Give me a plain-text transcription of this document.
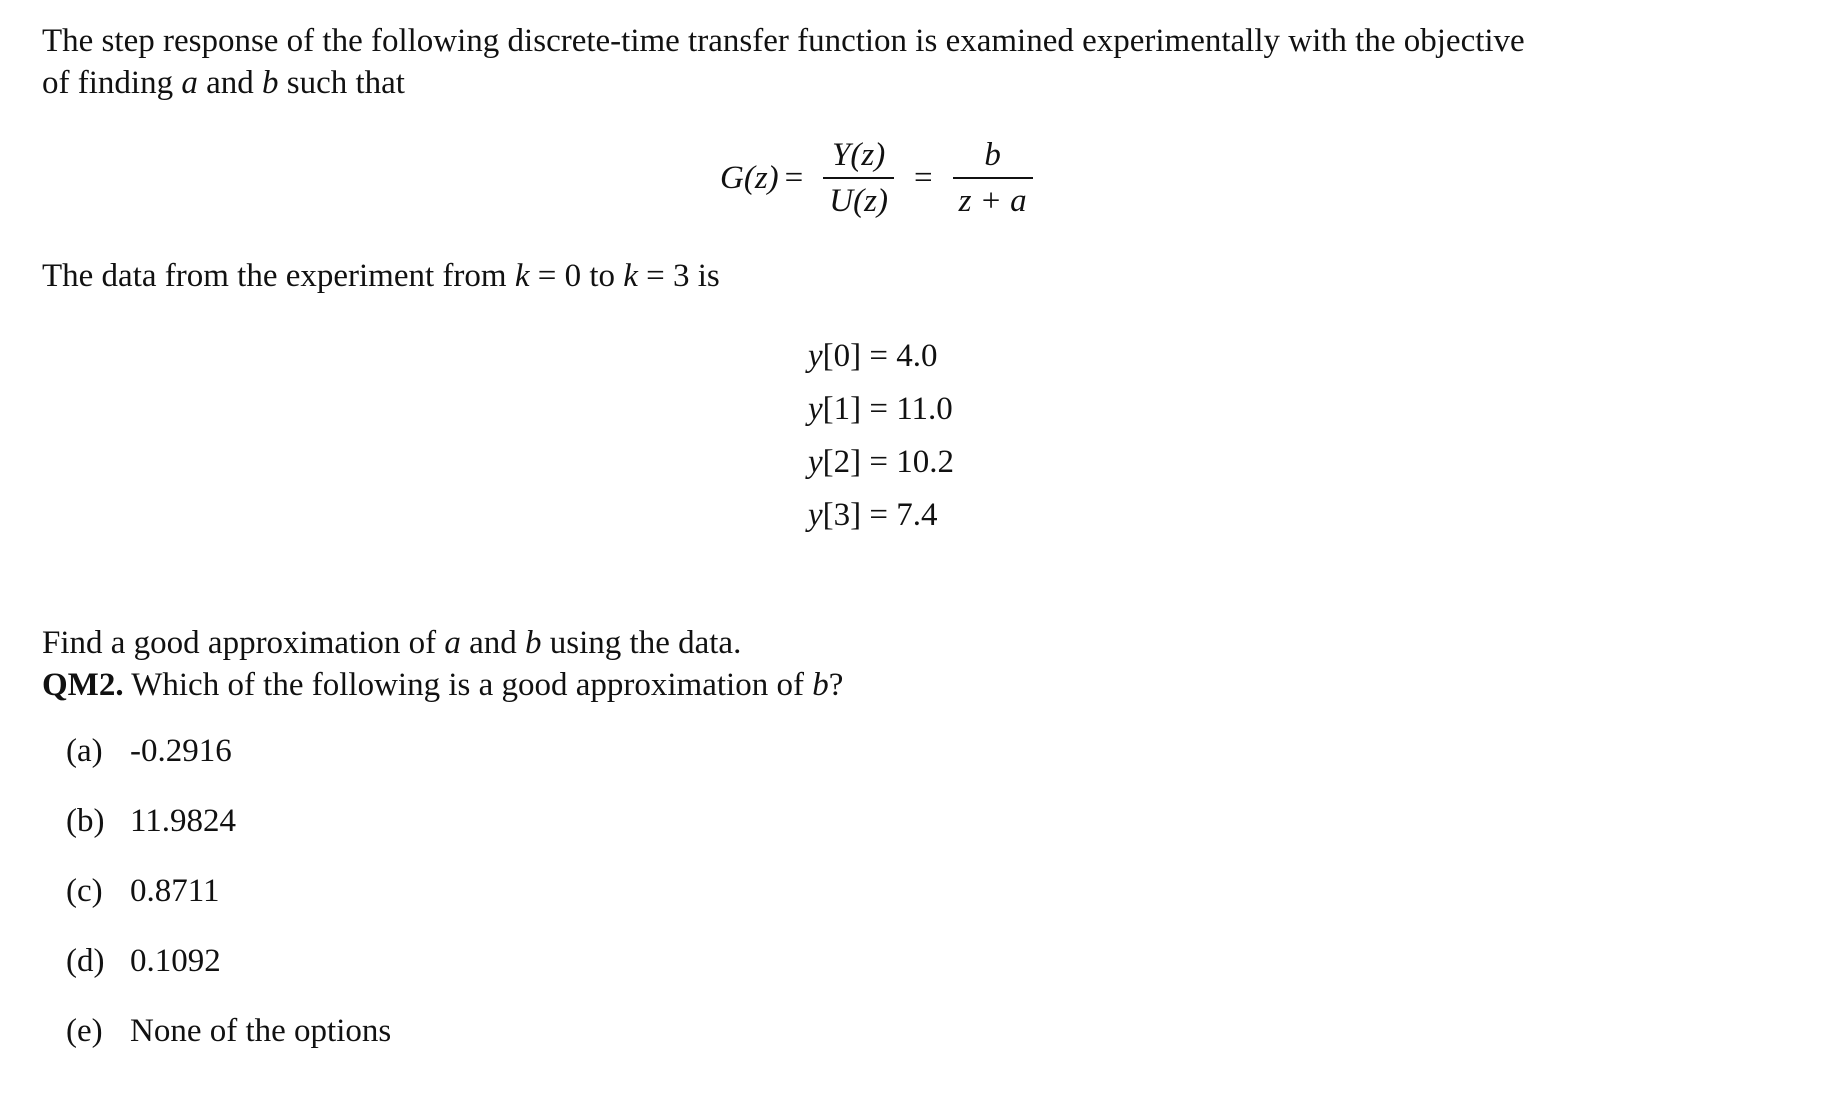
The step response of the following discrete-time transfer function is examined experimentally with the objective
of finding a and b such that
$G(z) = \frac{Y(z)}{U(z)} = \frac{b}{z + a}$
The data from the experiment from k = 0 to k = 3 is
y[0] = 4.0
y[1] = 11.0
y[2] = 10.2
y[3] = 7.4
Find a good approximation of a and b using the data.
QM2. Which of the following is a good approximation of b?
(a) -0.2916
(b) 11.9824
(c) 0.8711
(d) 0.1092
(e) None of the options
